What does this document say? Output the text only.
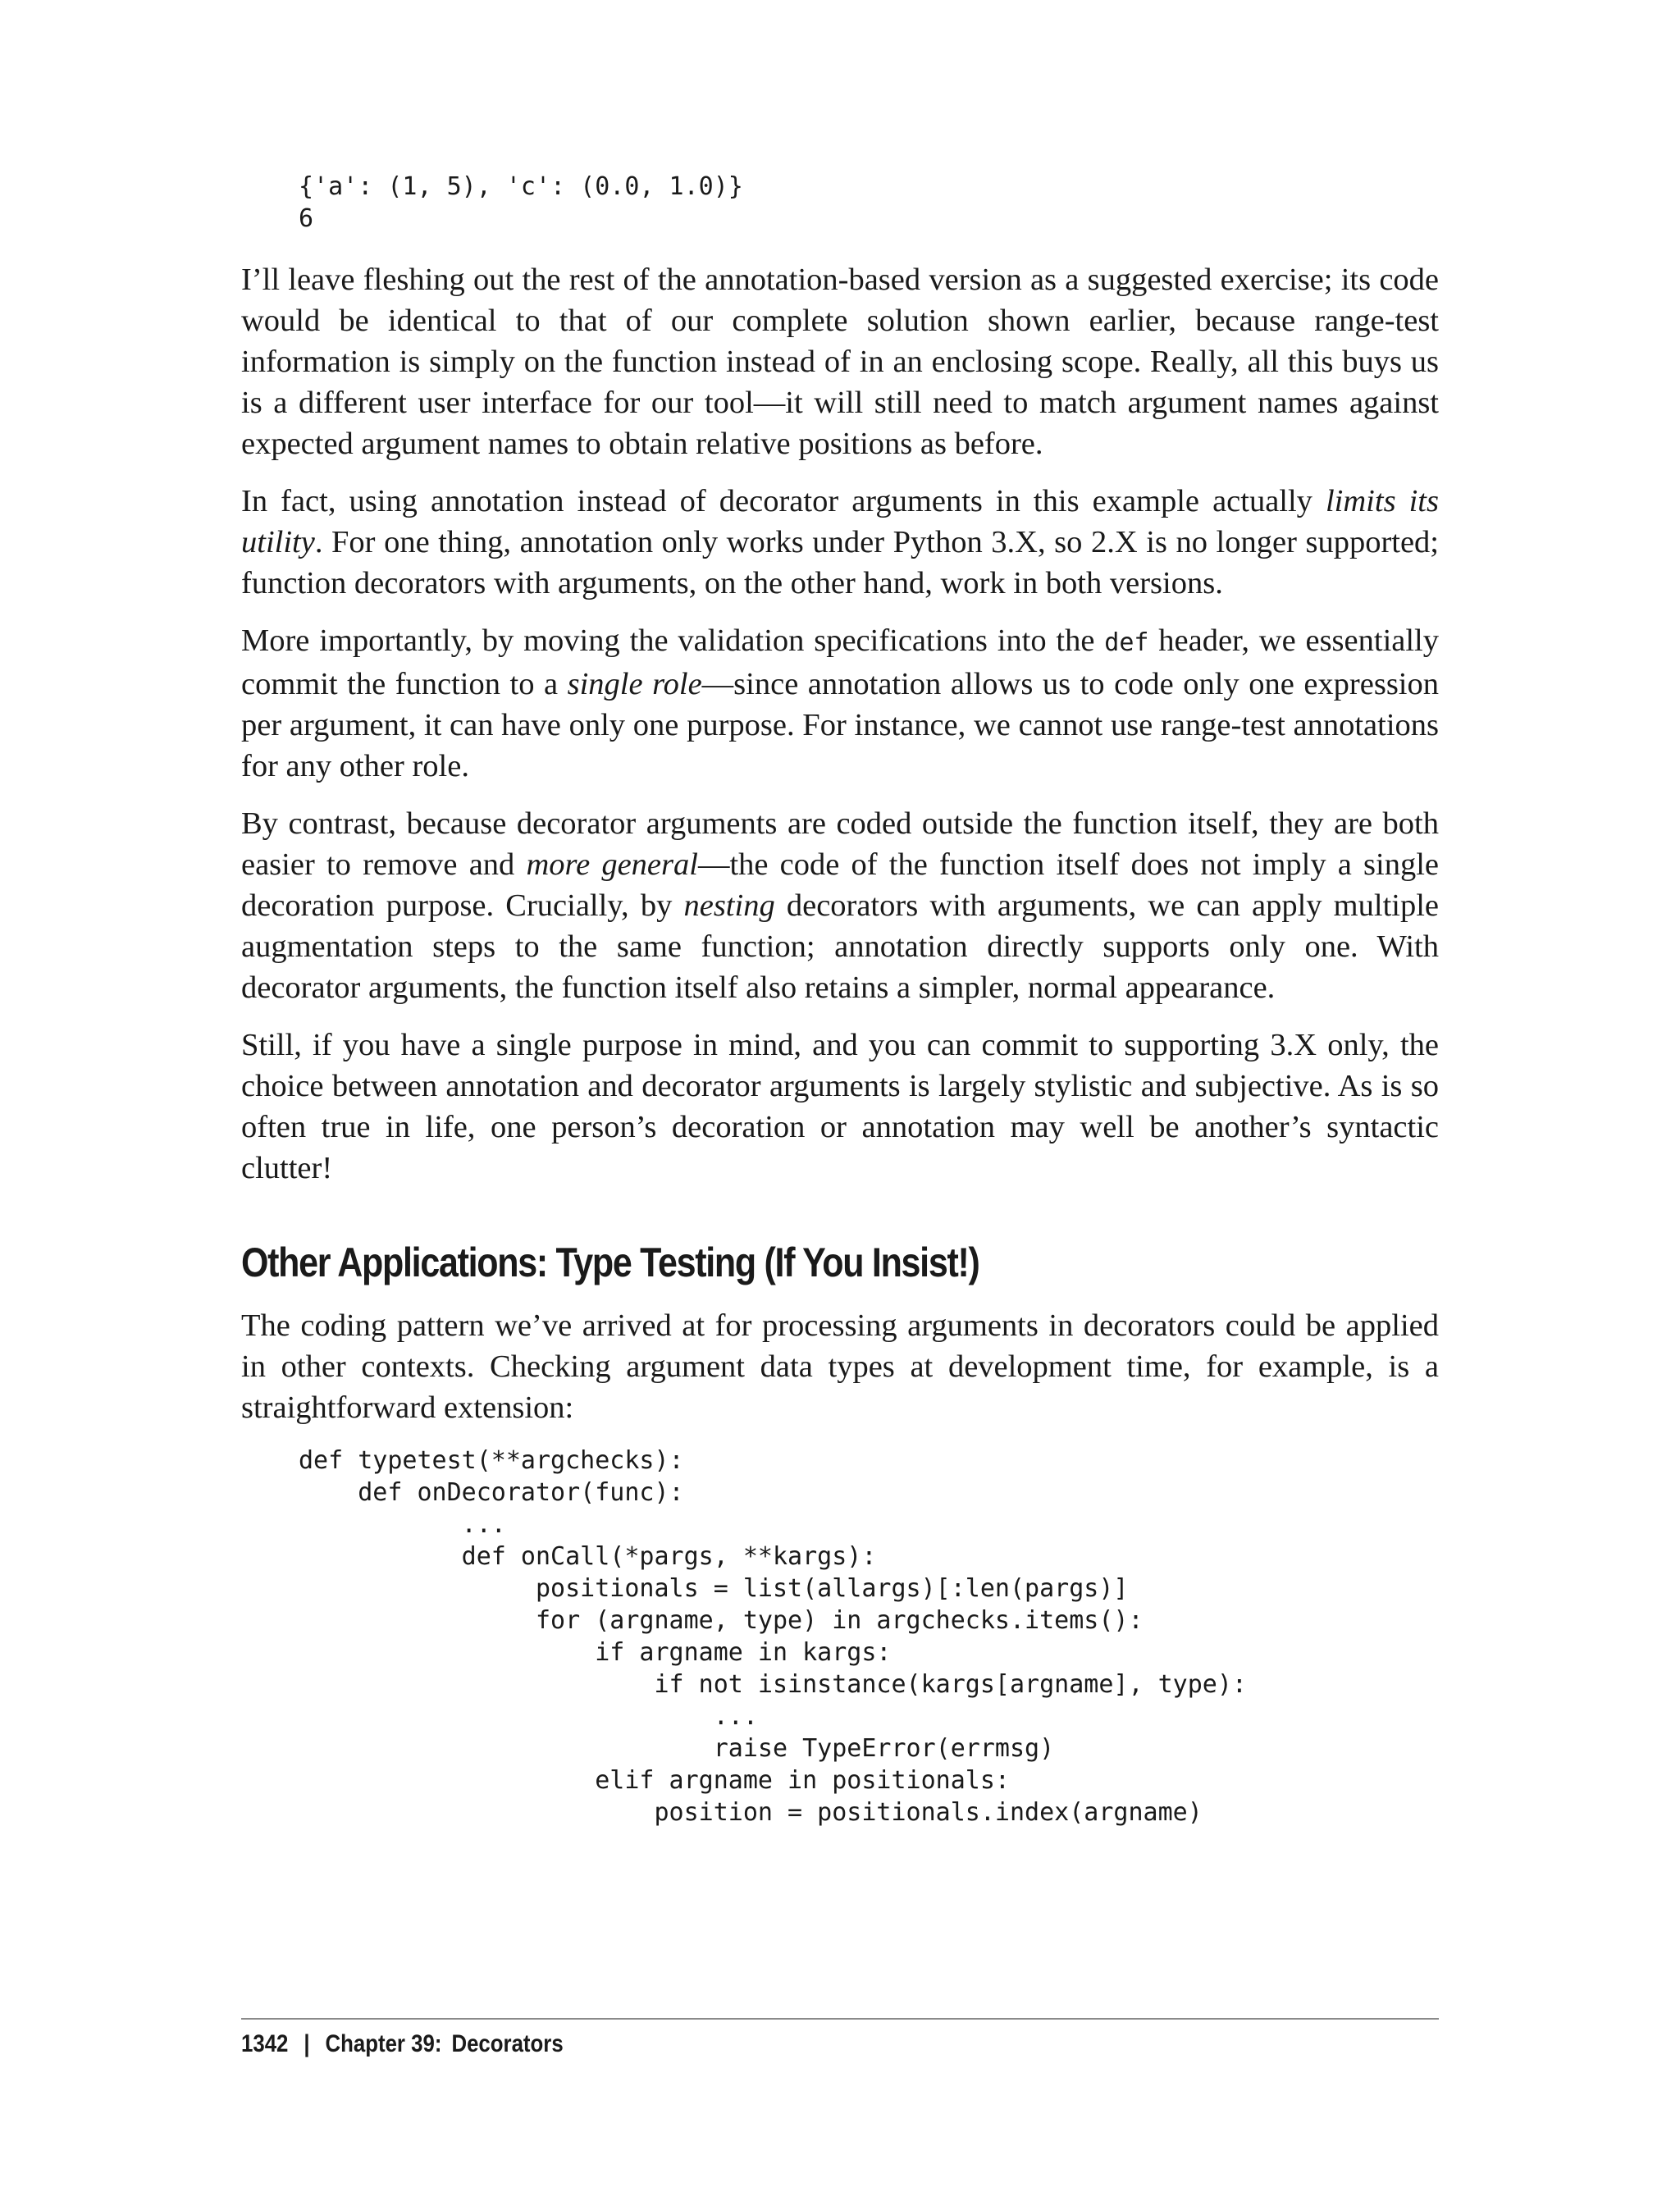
{'a': (1, 5), 'c': (0.0, 1.0)}
6

I’ll leave fleshing out the rest of the annotation-based version as a suggested exercise; its code would be identical to that of our complete solution shown earlier, because range-test information is simply on the function instead of in an enclosing scope. Really, all this buys us is a different user interface for our tool—it will still need to match argument names against expected argument names to obtain relative positions as before.

In fact, using annotation instead of decorator arguments in this example actually limits its utility. For one thing, annotation only works under Python 3.X, so 2.X is no longer supported; function decorators with arguments, on the other hand, work in both versions.

More importantly, by moving the validation specifications into the def header, we essentially commit the function to a single role—since annotation allows us to code only one expression per argument, it can have only one purpose. For instance, we cannot use range-test annotations for any other role.

By contrast, because decorator arguments are coded outside the function itself, they are both easier to remove and more general—the code of the function itself does not imply a single decoration purpose. Crucially, by nesting decorators with arguments, we can apply multiple augmentation steps to the same function; annotation directly supports only one. With decorator arguments, the function itself also retains a simpler, normal appearance.

Still, if you have a single purpose in mind, and you can commit to supporting 3.X only, the choice between annotation and decorator arguments is largely stylistic and subjective. As is so often true in life, one person’s decoration or annotation may well be another’s syntactic clutter!

Other Applications: Type Testing (If You Insist!)

The coding pattern we’ve arrived at for processing arguments in decorators could be applied in other contexts. Checking argument data types at development time, for example, is a straightforward extension:

def typetest(**argchecks):
def onDecorator(func):
...
def onCall(*pargs, **kargs):
positionals = list(allargs)[:len(pargs)]
for (argname, type) in argchecks.items():
if argname in kargs:
if not isinstance(kargs[argname], type):
...
raise TypeError(errmsg)
elif argname in positionals:
position = positionals.index(argname)
1342 | Chapter 39: Decorators
